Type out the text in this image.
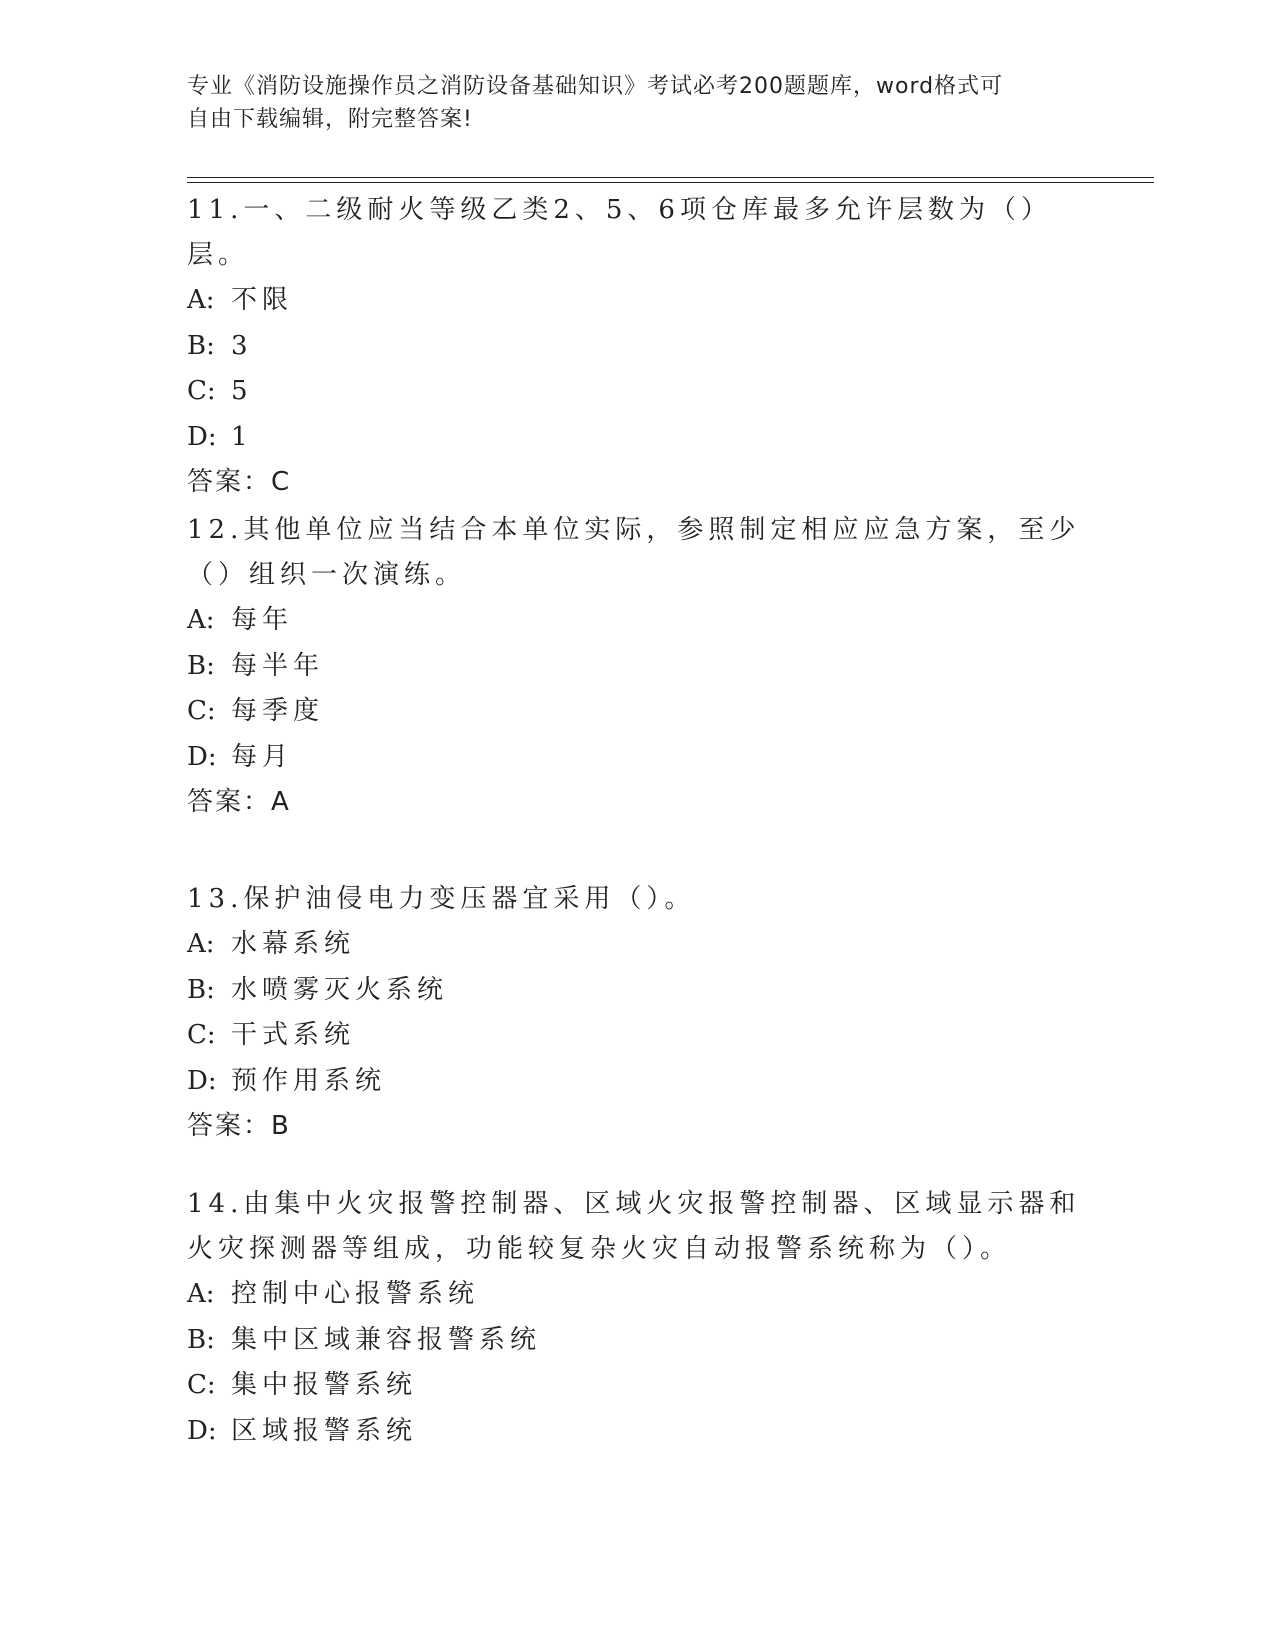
专业《消防设施操作员之消防设备基础知识》考试必考200题题库，word格式可
自由下载编辑，附完整答案!

11.一、二级耐火等级乙类2、5、6项仓库最多允许层数为（）层。

A: 不限
B: 3
C: 5
D: 1
答案：C

12.其他单位应当结合本单位实际，参照制定相应应急方案，至少（）组织一次演练。

A: 每年
B: 每半年
C: 每季度
D: 每月
答案：A

13.保护油侵电力变压器宜采用（）。

A: 水幕系统
B: 水喷雾灭火系统
C: 干式系统
D: 预作用系统
答案：B

14.由集中火灾报警控制器、区域火灾报警控制器、区域显示器和火灾探测器等组成，功能较复杂火灾自动报警系统称为（）。

A: 控制中心报警系统
B: 集中区域兼容报警系统
C: 集中报警系统
D: 区域报警系统
